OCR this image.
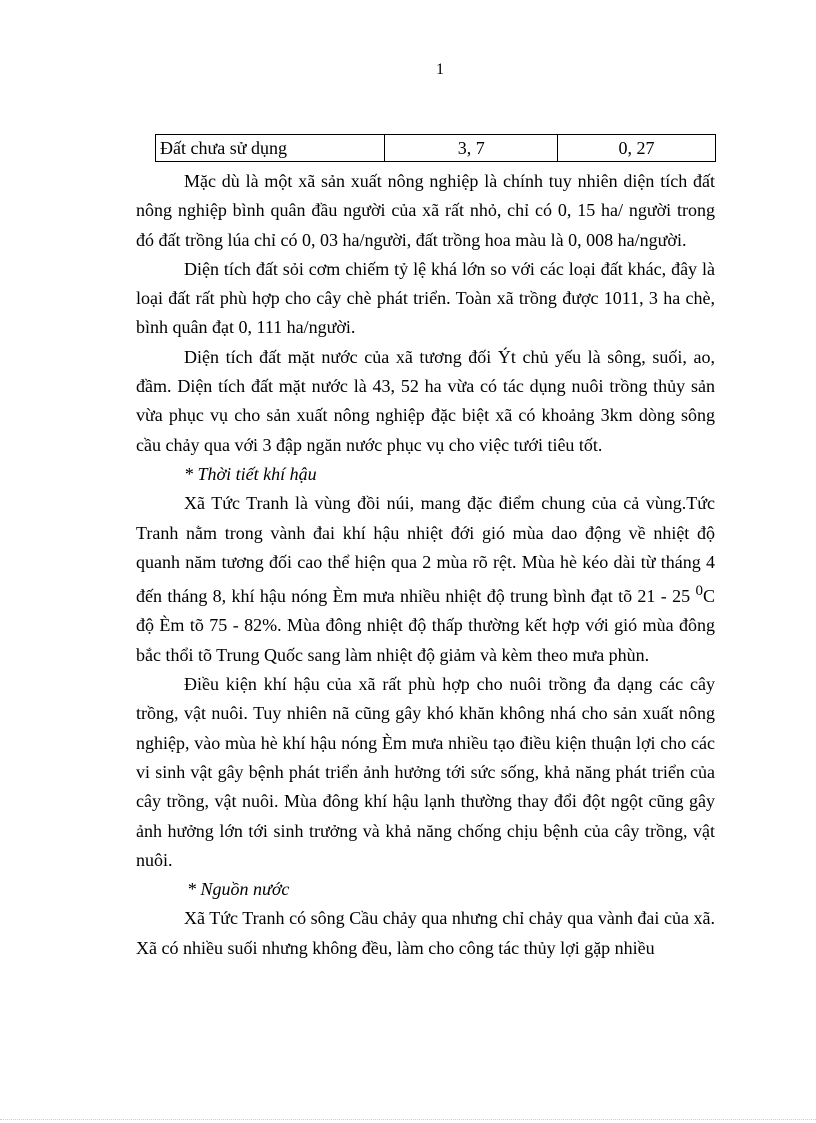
1
Đất chưa sử dụng	3, 7	0, 27

Mặc dù là một xã sản xuất nông nghiệp là chính tuy nhiên diện tích đất nông nghiệp bình quân đầu người của xã rất nhỏ, chỉ có 0, 15 ha/ người trong đó đất trồng lúa chỉ có 0, 03 ha/người, đất trồng hoa màu là 0, 008 ha/người.

Diện tích đất sỏi cơm chiếm tỷ lệ khá lớn so với các loại đất khác, đây là loại đất rất phù hợp cho cây chè phát triển. Toàn xã trồng được 1011, 3 ha chè, bình quân đạt 0, 111 ha/người.

Diện tích đất mặt nước của xã tương đối Ýt chủ yếu là sông, suối, ao, đầm. Diện tích đất mặt nước là 43, 52 ha vừa có tác dụng nuôi trồng thủy sản vừa phục vụ cho sản xuất nông nghiệp đặc biệt xã có khoảng 3km dòng sông cầu chảy qua với 3 đập ngăn nước phục vụ cho việc tưới tiêu tốt.

* Thời tiết khí hậu

Xã Tức Tranh là vùng đồi núi, mang đặc điểm chung của cả vùng.Tức Tranh nằm trong vành đai khí hậu nhiệt đới gió mùa dao động về nhiệt độ quanh năm tương đối cao thể hiện qua 2 mùa rõ rệt. Mùa hè kéo dài từ tháng 4 đến tháng 8, khí hậu nóng Èm mưa nhiều nhiệt độ trung bình đạt tõ 21 - 25 $^0$C độ Èm tõ 75 - 82%. Mùa đông nhiệt độ thấp thường kết hợp với gió mùa đông bắc thổi tõ Trung Quốc sang làm nhiệt độ giảm và kèm theo mưa phùn.

Điều kiện khí hậu của xã rất phù hợp cho nuôi trồng đa dạng các cây trồng, vật nuôi. Tuy nhiên nã cũng gây khó khăn không nhá cho sản xuất nông nghiệp, vào mùa hè khí hậu nóng Èm mưa nhiều tạo điều kiện thuận lợi cho các vi sinh vật gây bệnh phát triển ảnh hưởng tới sức sống, khả năng phát triển của cây trồng, vật nuôi. Mùa đông khí hậu lạnh thường thay đổi đột ngột cũng gây ảnh hưởng lớn tới sinh trưởng và khả năng chống chịu bệnh của cây trồng, vật nuôi.

* Nguồn nước

Xã Tức Tranh có sông Cầu chảy qua nhưng chỉ chảy qua vành đai của xã. Xã có nhiều suối nhưng không đều, làm cho công tác thủy lợi gặp nhiều
